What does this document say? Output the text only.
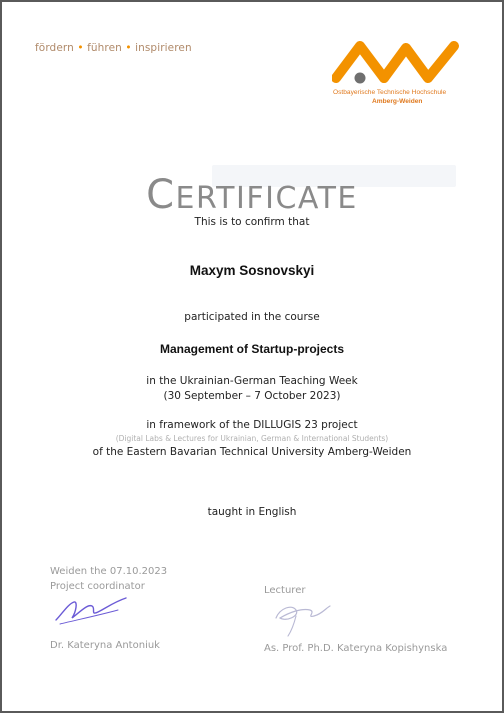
fördern • führen • inspirieren
Ostbayerische Technische Hochschule
Amberg-Weiden
CERTIFICATE
This is to confirm that
Maxym Sosnovskyi
participated in the course
Management of Startup-projects
in the Ukrainian-German Teaching Week
(30 September – 7 October 2023)
in framework of the DILLUGIS 23 project
(Digital Labs & Lectures for Ukrainian, German & International Students)
of the Eastern Bavarian Technical University Amberg-Weiden
taught in English
Weiden the 07.10.2023
Project coordinator
Dr. Kateryna Antoniuk
Lecturer
As. Prof. Ph.D. Kateryna Kopishynska
